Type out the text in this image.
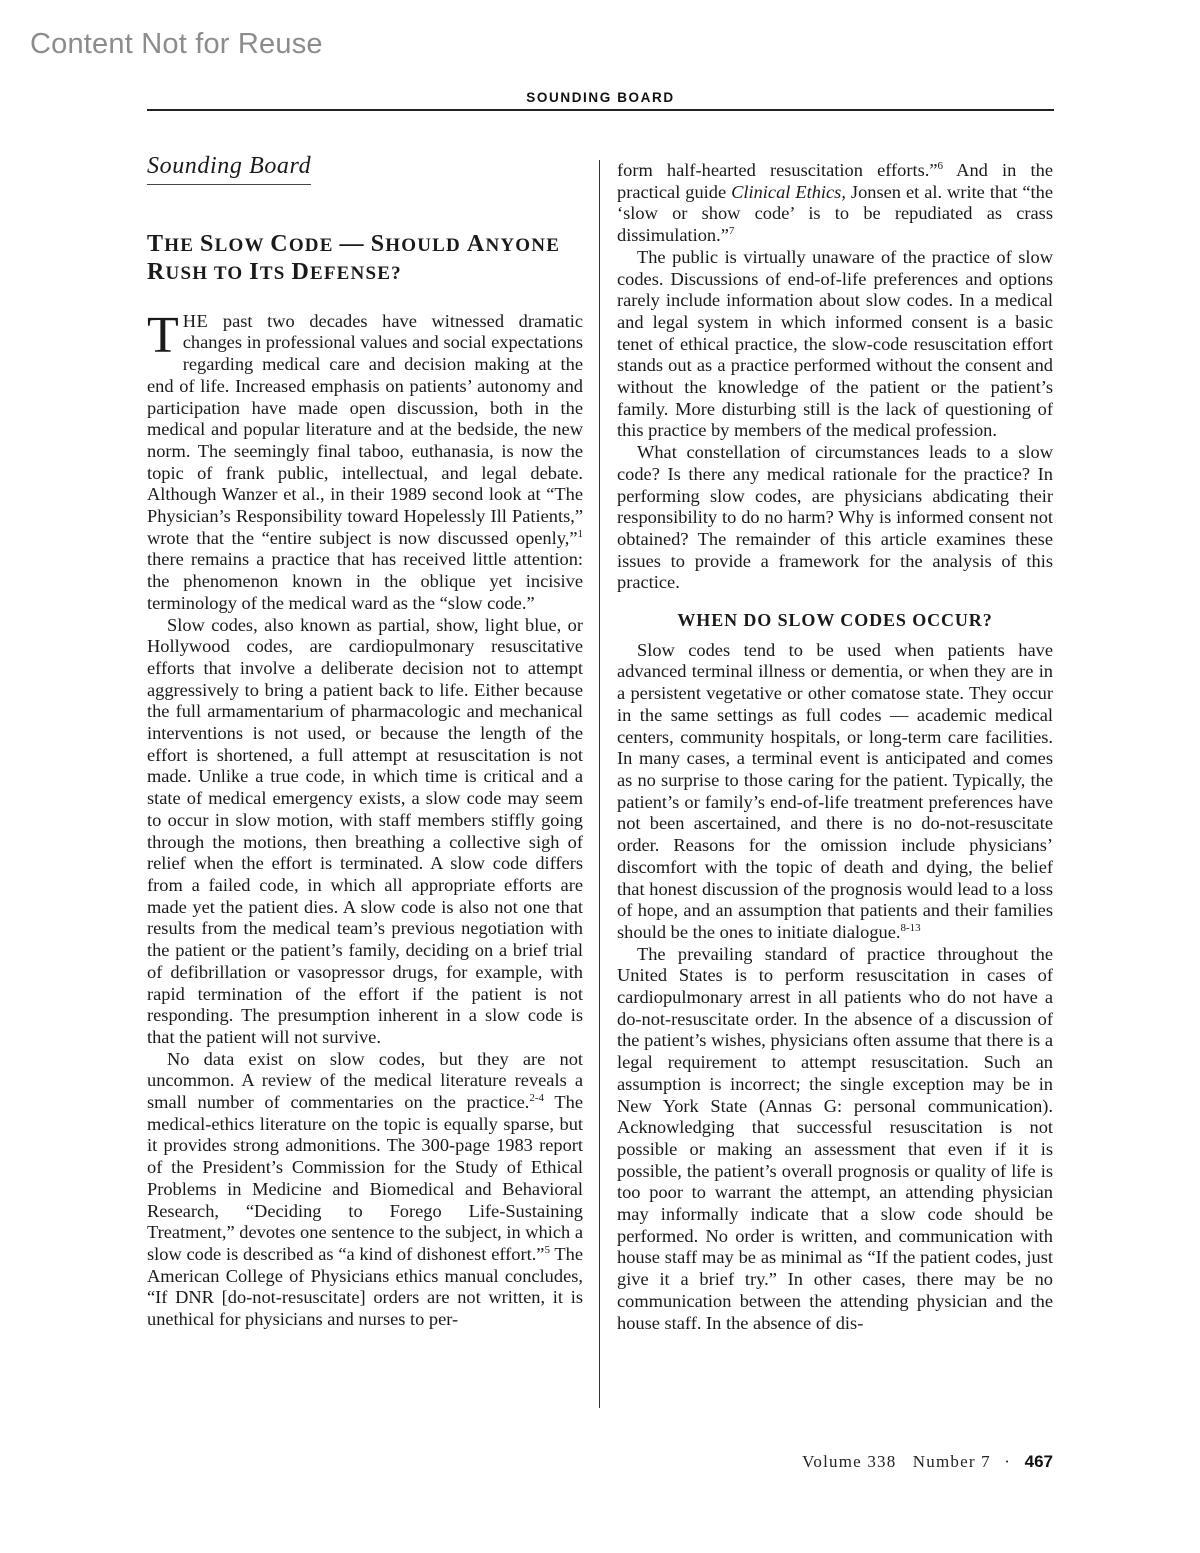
Content Not for Reuse
SOUNDING BOARD
Sounding Board
THE SLOW CODE — SHOULD ANYONE
RUSH TO ITS DEFENSE?

THE past two decades have witnessed dramatic changes in professional values and social expectations regarding medical care and decision making at the end of life. Increased emphasis on patients’ autonomy and participation have made open discussion, both in the medical and popular literature and at the bedside, the new norm. The seemingly final taboo, euthanasia, is now the topic of frank public, intellectual, and legal debate. Although Wanzer et al., in their 1989 second look at “The Physician’s Responsibility toward Hopelessly Ill Patients,” wrote that the “entire subject is now discussed openly,”$^1$ there remains a practice that has received little attention: the phenomenon known in the oblique yet incisive terminology of the medical ward as the “slow code.”

Slow codes, also known as partial, show, light blue, or Hollywood codes, are cardiopulmonary resuscitative efforts that involve a deliberate decision not to attempt aggressively to bring a patient back to life. Either because the full armamentarium of pharmacologic and mechanical interventions is not used, or because the length of the effort is shortened, a full attempt at resuscitation is not made. Unlike a true code, in which time is critical and a state of medical emergency exists, a slow code may seem to occur in slow motion, with staff members stiffly going through the motions, then breathing a collective sigh of relief when the effort is terminated. A slow code differs from a failed code, in which all appropriate efforts are made yet the patient dies. A slow code is also not one that results from the medical team’s previous negotiation with the patient or the patient’s family, deciding on a brief trial of defibrillation or vasopressor drugs, for example, with rapid termination of the effort if the patient is not responding. The presumption inherent in a slow code is that the patient will not survive.

No data exist on slow codes, but they are not uncommon. A review of the medical literature reveals a small number of commentaries on the practice.$^{2-4}$ The medical-ethics literature on the topic is equally sparse, but it provides strong admonitions. The 300-page 1983 report of the President’s Commission for the Study of Ethical Problems in Medicine and Biomedical and Behavioral Research, “Deciding to Forego Life-Sustaining Treatment,” devotes one sentence to the subject, in which a slow code is described as “a kind of dishonest effort.”$^5$ The American College of Physicians ethics manual concludes, “If DNR [do-not-resuscitate] orders are not written, it is unethical for physicians and nurses to per-

form half-hearted resuscitation efforts.”$^6$ And in the practical guide Clinical Ethics, Jonsen et al. write that “the ‘slow or show code’ is to be repudiated as crass dissimulation.”$^7$

The public is virtually unaware of the practice of slow codes. Discussions of end-of-life preferences and options rarely include information about slow codes. In a medical and legal system in which informed consent is a basic tenet of ethical practice, the slow-code resuscitation effort stands out as a practice performed without the consent and without the knowledge of the patient or the patient’s family. More disturbing still is the lack of questioning of this practice by members of the medical profession.

What constellation of circumstances leads to a slow code? Is there any medical rationale for the practice? In performing slow codes, are physicians abdicating their responsibility to do no harm? Why is informed consent not obtained? The remainder of this article examines these issues to provide a framework for the analysis of this practice.

WHEN DO SLOW CODES OCCUR?

Slow codes tend to be used when patients have advanced terminal illness or dementia, or when they are in a persistent vegetative or other comatose state. They occur in the same settings as full codes — academic medical centers, community hospitals, or long-term care facilities. In many cases, a terminal event is anticipated and comes as no surprise to those caring for the patient. Typically, the patient’s or family’s end-of-life treatment preferences have not been ascertained, and there is no do-not-resuscitate order. Reasons for the omission include physicians’ discomfort with the topic of death and dying, the belief that honest discussion of the prognosis would lead to a loss of hope, and an assumption that patients and their families should be the ones to initiate dialogue.$^{8-13}$

The prevailing standard of practice throughout the United States is to perform resuscitation in cases of cardiopulmonary arrest in all patients who do not have a do-not-resuscitate order. In the absence of a discussion of the patient’s wishes, physicians often assume that there is a legal requirement to attempt resuscitation. Such an assumption is incorrect; the single exception may be in New York State (Annas G: personal communication). Acknowledging that successful resuscitation is not possible or making an assessment that even if it is possible, the patient’s overall prognosis or quality of life is too poor to warrant the attempt, an attending physician may informally indicate that a slow code should be performed. No order is written, and communication with house staff may be as minimal as “If the patient codes, just give it a brief try.” In other cases, there may be no communication between the attending physician and the house staff. In the absence of dis-

Volume 338 Number 7 · 467
